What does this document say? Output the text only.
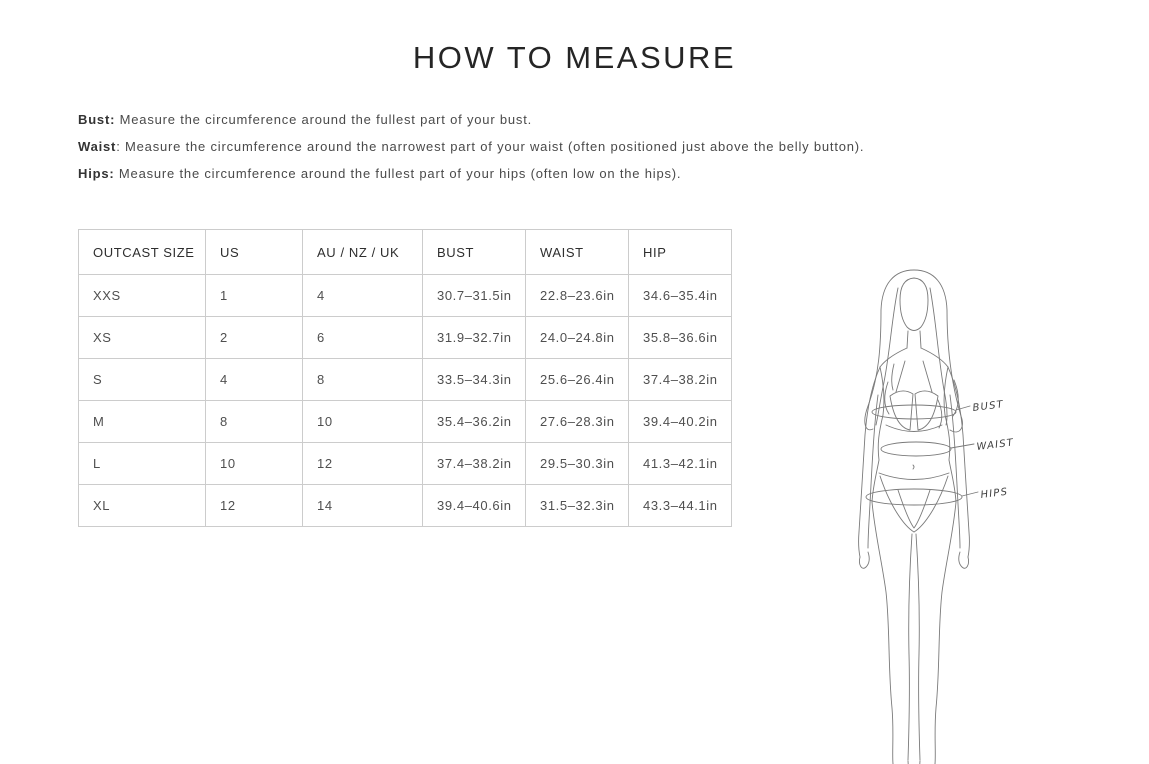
HOW TO MEASURE
Bust: Measure the circumference around the fullest part of your bust.
Waist: Measure the circumference around the narrowest part of your waist (often positioned just above the belly button).
Hips: Measure the circumference around the fullest part of your hips (often low on the hips).
OUTCAST SIZE	US	AU / NZ / UK	BUST	WAIST	HIP
XXS	1	4	30.7–31.5in	22.8–23.6in	34.6–35.4in
XS	2	6	31.9–32.7in	24.0–24.8in	35.8–36.6in
S	4	8	33.5–34.3in	25.6–26.4in	37.4–38.2in
M	8	10	35.4–36.2in	27.6–28.3in	39.4–40.2in
L	10	12	37.4–38.2in	29.5–30.3in	41.3–42.1in
XL	12	14	39.4–40.6in	31.5–32.3in	43.3–44.1in
BUST
WAIST
HIPS
